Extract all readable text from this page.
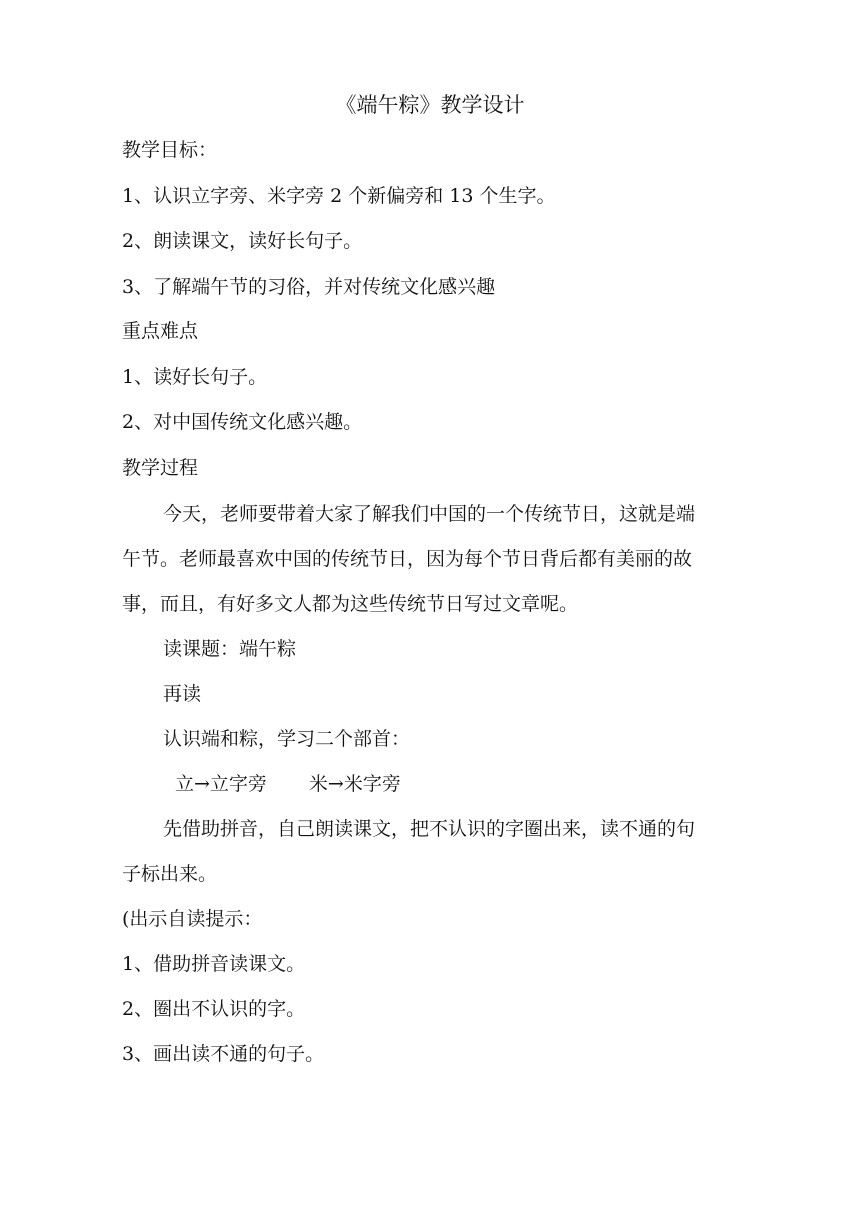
《端午粽》教学设计
教学目标：
1、认识立字旁、米字旁 2 个新偏旁和 13 个生字。
2、朗读课文，读好长句子。
3、了解端午节的习俗，并对传统文化感兴趣
重点难点
1、读好长句子。
2、对中国传统文化感兴趣。
教学过程
今天，老师要带着大家了解我们中国的一个传统节日，这就是端
午节。老师最喜欢中国的传统节日，因为每个节日背后都有美丽的故
事，而且，有好多文人都为这些传统节日写过文章呢。
读课题：端午粽
再读
认识端和粽，学习二个部首：
立→立字旁 米→米字旁
先借助拼音，自己朗读课文，把不认识的字圈出来，读不通的句
子标出来。
(出示自读提示：
1、借助拼音读课文。
2、圈出不认识的字。
3、画出读不通的句子。
